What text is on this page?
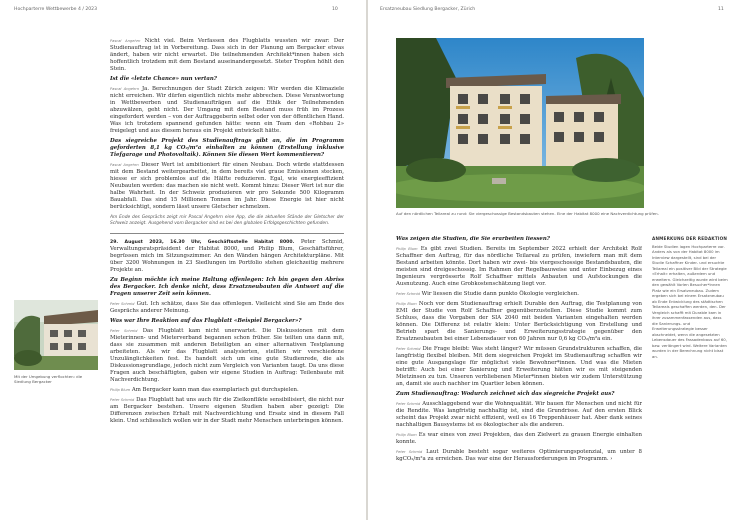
Hochparterre Wettbewerbe 4 / 2023	10

Pascal Angehrn Nicht viel. Beim Verfassen des Flugblatts wussten wir zwar: Der Studienauftrag ist in Vorbereitung. Dass sich in der Planung am Bergacker etwas ändert, haben wir nicht erwartet. Die teilnehmenden Architekt*innen haben sich hoffentlich trotzdem mit dem Bestand auseinandergesetzt. Steter Tropfen höhlt den Stein.

Ist die «letzte Chance» nun vertan?

Pascal Angehrn Ja. Berechnungen der Stadt Zürich zeigen: Wir werden die Klimaziele nicht erreichen. Wir dürfen eigentlich nichts mehr abbrechen. Diese Verantwortung in Wettbewerben und Studienaufträgen auf die Ethik der Teilnehmenden abzuwälzen, geht nicht. Der Umgang mit dem Bestand muss früh im Prozess eingefordert werden – von der Auftraggeberin selbst oder von der öffentlichen Hand. Was ich trotzdem spannend gefunden hätte: wenn ein Team den «Rohbau 2» freigelegt und aus diesem heraus ein Projekt entwickelt hätte.

Das siegreiche Projekt des Studienauftrags gibt an, die im Programm geforderten 8,1 kg CO₂/m²a einhalten zu können (Erstellung inklusive Tiefgarage und Photovoltaik). Können Sie diesen Wert kommentieren?

Pascal Angehrn Dieser Wert ist ambitioniert für einen Neubau. Doch würde stattdessen mit dem Bestand weitergearbeitet, in dem bereits viel graue Emissionen stecken, hiesse er sich problemlos auf die Hälfte reduzieren. Egal, wie energieeffizient Neubauten werden: das machen sie nicht wett. Kommt hinzu: Dieser Wert ist nur die halbe Wahrheit. In der Schweiz produzieren wir pro Sekunde 500 Kilogramm Bauabfall. Das sind 15 Millionen Tonnen im Jahr. Diese Energie ist hier nicht berücksichtigt, sondern lässt unsere Gletscher schmelzen.

Am Ende des Gesprächs zeigt mir Pascal Angehrn eine App, die die aktuellen Stände der Gletscher der Schweiz anzeigt. Ausgehend vom Bergacker sind es bei den globalen Erfolgsgeschichten gefunden.

29. August 2023, 16.30 Uhr, Geschäftsstelle Habitat 8000. Peter Schmid, Verwaltungsratspräsident der Habitat 8000, und Philip Blum, Geschäftsführer, begrüssen mich im Sitzungszimmer. An den Wänden hängen Architekturpläne. Mit über 3200 Wohnungen in 23 Siedlungen im Portfolio stehen gleichzeitig mehrere Projekte an.

Zu Beginn möchte ich meine Haltung offenlegen: Ich bin gegen den Abriss des Bergacker. Ich denke nicht, dass Ersatzneubauten die Antwort auf die Fragen unserer Zeit sein können.

Peter Schmid Gut. Ich schätze, dass Sie das offenlegen. Vielleicht sind Sie am Ende des Gesprächs anderer Meinung.

Was war Ihre Reaktion auf das Flugblatt «Beispiel Bergacker»?

Peter Schmid Das Flugblatt kam nicht unerwartet. Die Diskussionen mit dem Mieterinnen- und Mieterverband begannen schon früher. Sie teilten uns dann mit, dass sie zusammen mit anderen Beteiligten an einer alternativen Testplanung arbeiteten. Als wir das Flugblatt analysierten, stellten wir verschiedene Unzulänglichkeiten fest. Es handelt sich um eine gute Studienrede, die als Diskussionsgrundlage, jedoch nicht zum Vergleich von Varianten taugt. Da uns diese Fragen auch beschäftigten, gaben wir eigene Studien in Auftrag: Teilenbaute mit Nachverdichtung.

Philip Blum Am Bergacker kann man das exemplarisch gut durchspielen.

Peter Schmid Das Flugblatt hat uns auch für die Zielkonflikte sensibilisiert, die nicht nur am Bergacker bestehen. Unsere eigenen Studien haben aber gezeigt: Die Differenzen zwischen Erhalt mit Nachverdichtung und Ersatz sind in diesem Fall klein. Und schliesslich wollen wir in der Stadt mehr Menschen unterbringen können.

Mit der Umgebung verflochten: die Siedlung Bergacker
Ersatzneubau Siedlung Bergacker, Zürich	11
Auf den nördlichen Teilareal zu rund: Sie viergeschossige Bestandsbauten stehen. Eine der Habitat 8000 eine Nachverdichtung prüfen.

Was zeigen die Studien, die Sie erarbeiten liessen?

Philip Blum Es gibt zwei Studien. Bereits im September 2022 erhielt der Architekt Rolf Schaffner den Auftrag, für das nördliche Teilareal zu prüfen, inwiefern man mit dem Bestand arbeiten könnte. Dort haben wir zwei- bis viergeschossige Bestandsbauten, die meisten sind dreigeschossig. Im Rahmen der Regelbauweise und unter Einbezug eines Ingenieurs vergrösserte Rolf Schaffner mittels Anbauten und Aufstockungen die Ausnutzung. Auch eine Grobkostenschätzung liegt vor.

Peter Schmid Wir liessen die Studie dann punkto Ökologie vergleichen.

Philip Blum Noch vor dem Studienauftrag erhielt Durable den Auftrag, die Testplanung von EMI der Studie von Rolf Schaffner gegenüberzustellen. Diese Studie kommt zum Schluss, dass die Vorgaben der SIA 2040 mit beiden Varianten eingehalten werden können. Die Differenz ist relativ klein: Unter Berücksichtigung von Erstellung und Betrieb spart die Sanierungs- und Erweiterungsstrategie gegenüber den Ersatzneubauten bei einer Lebensdauer von 60 Jahren nur 0,6 kg CO₂/m²a ein.

Peter Schmid Die Frage bleibt: Was steht länger? Wir müssen Grundstrukturen schaffen, die langfristig flexibel bleiben. Mit dem siegreichen Projekt im Studienauftrag schaffen wir eine gute Ausgangslage für möglichst viele Bewohner*innen. Und was die Mieten betrifft: Auch bei einer Sanierung und Erweiterung hätten wir es mit steigenden Mietzinsen zu tun. Unseren verbliebenen Mieter*innen bieten wir zudem Unterstützung an, damit sie auch nachher im Quartier leben können.

Zum Studienauftrag: Wodurch zeichnet sich das siegreiche Projekt aus?

Peter Schmid Ausschlaggebend war die Wohnqualität. Wir bauen für Menschen und nicht für die Rendite. Was langfristig nachhaltig ist, sind die Grundrisse. Auf den ersten Blick scheint das Projekt zwar nicht effizient, weil es 16 Treppenhäuser hat. Aber dank seines nachhaltigen Bausystems ist es ökologischer als die anderen.

Philip Blum Es war eines von zwei Projekten, das den Zielwert zu grauen Energie einhalten konnte.

Peter Schmid Laut Durable besteht sogar weiteres Optimierungspotenzial, um unter 8 kgCO₂/m²a zu erreichen. Das war eine der Herausforderungen im Programm. ›

ANMERKUNG DER REDAKTION
Beide Studien lagen Hochparterre vor. Anders als von der Habitat 8000 im Interview dargestellt, sind bei der Studie Schaffner Kinder- und ersuchte Teilareal ein positiver Bild der Strategie «Erhalt» erhalten, außerdem und erweitern. Gleichzeitig wurde wird beim den gewählt Vorlen Besucher*innen Platz wie ein Ersatzneubau. Zudem ergeben sich bei einem Ersatzneubau ab Ende Entwicklung des städtischen Teilareals geschaffen werden, den. Der Vergleich schafft mit Durable kam in ihrer zusammenfassenden aus, dass die Sanierungs- und Erweiterungsstrategie besser abschneidet, wenn die angesetzten Lebensdauer des Fassadenbaus auf 60, bzw. verlängert wird. Weitere Varianten wurden in der Berechnung nicht bisst an.
